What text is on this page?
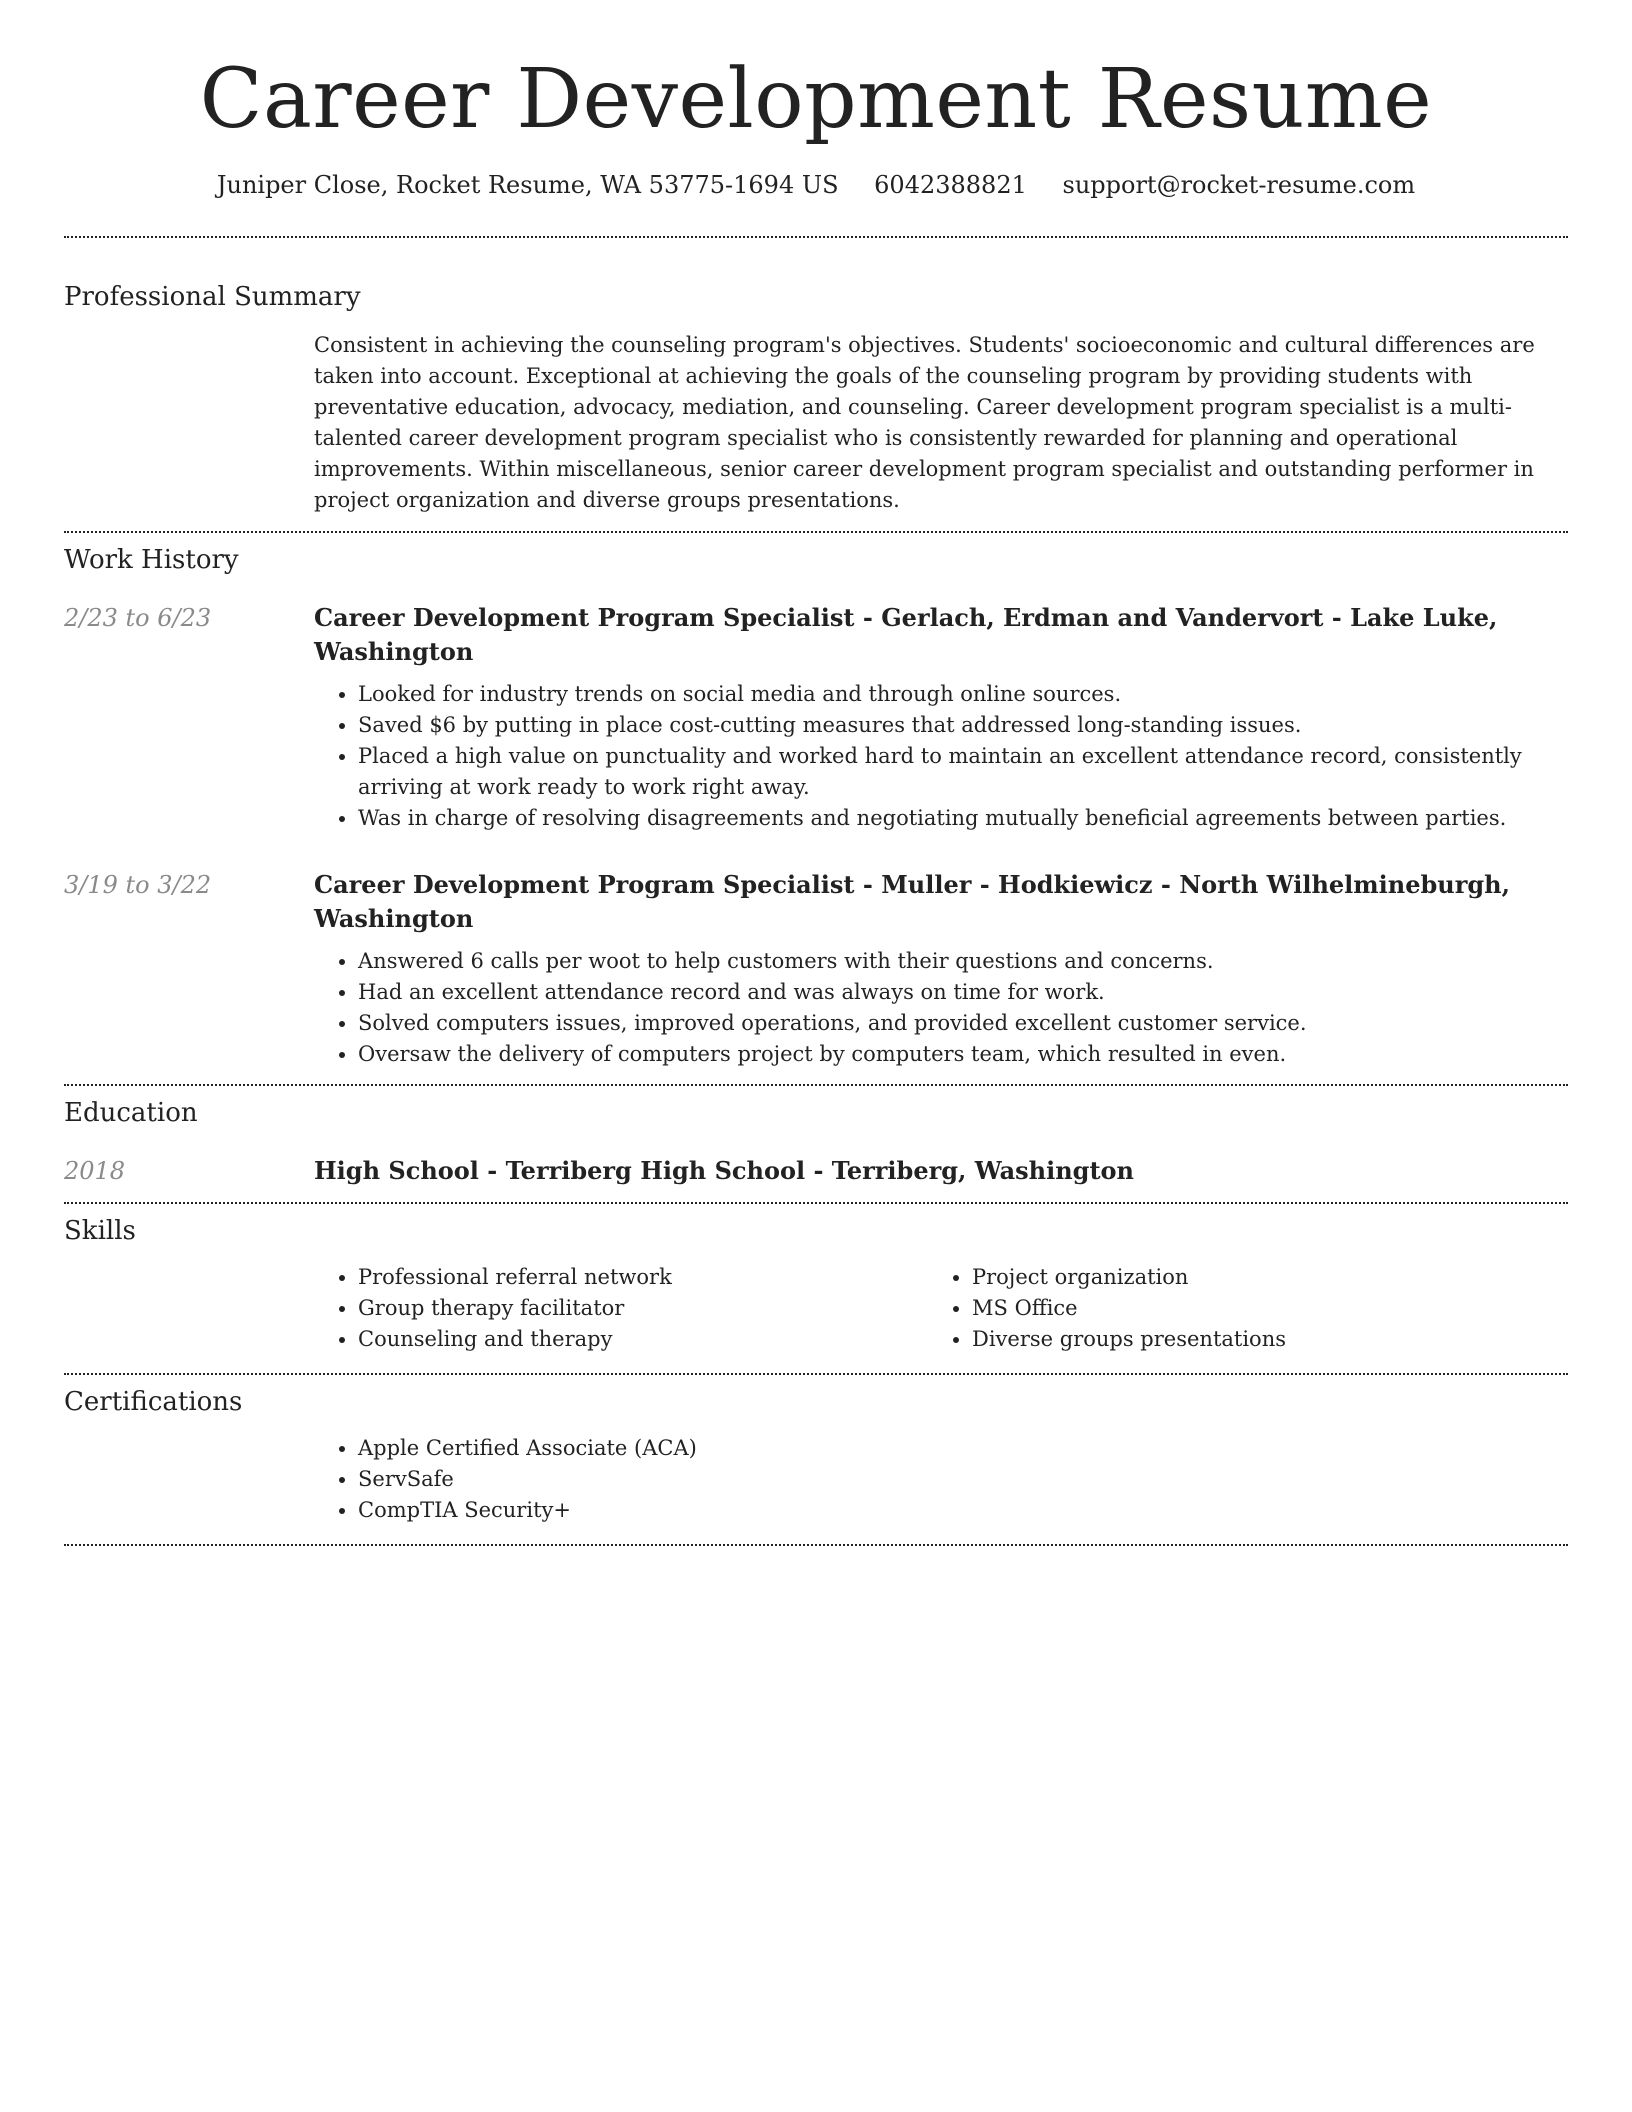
Career Development Resume
Juniper Close, Rocket Resume, WA 53775-1694 US 6042388821 support@rocket-resume.com
Professional Summary

Consistent in achieving the counseling program's objectives. Students' socioeconomic and cultural differences are taken into account. Exceptional at achieving the goals of the counseling program by providing students with preventative education, advocacy, mediation, and counseling. Career development program specialist is a multi-talented career development program specialist who is consistently rewarded for planning and operational improvements. Within miscellaneous, senior career development program specialist and outstanding performer in project organization and diverse groups presentations.

Work History
2/23 to 6/23	Career Development Program Specialist - Gerlach, Erdman and Vandervort - Lake Luke, Washington
• Looked for industry trends on social media and through online sources.
• Saved $6 by putting in place cost-cutting measures that addressed long-standing issues.
• Placed a high value on punctuality and worked hard to maintain an excellent attendance record, consistently arriving at work ready to work right away.
• Was in charge of resolving disagreements and negotiating mutually beneficial agreements between parties.
3/19 to 3/22	Career Development Program Specialist - Muller - Hodkiewicz - North Wilhelmineburgh, Washington
• Answered 6 calls per woot to help customers with their questions and concerns.
• Had an excellent attendance record and was always on time for work.
• Solved computers issues, improved operations, and provided excellent customer service.
• Oversaw the delivery of computers project by computers team, which resulted in even.
Education
2018	High School - Terriberg High School - Terriberg, Washington
Skills
• Professional referral network
• Group therapy facilitator
• Counseling and therapy
• Project organization
• MS Office
• Diverse groups presentations
Certifications
• Apple Certified Associate (ACA)
• ServSafe
• CompTIA Security+
